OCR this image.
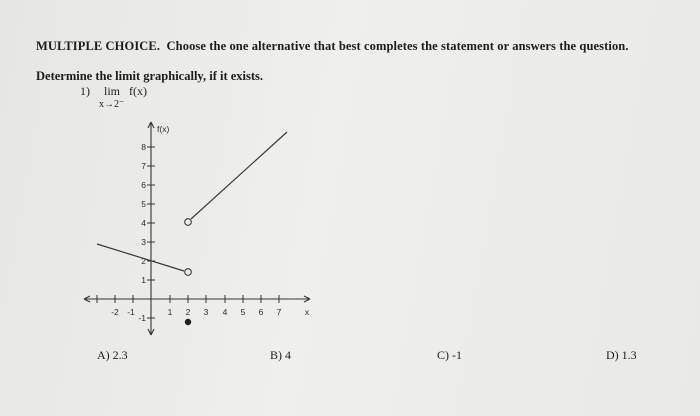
MULTIPLE CHOICE. Choose the one alternative that best completes the statement or answers the question.
Determine the limit graphically, if it exists.
1) lim f(x)
x→2⁻
-2 -1	1 2 3 4 5 6 7	x
8
7
6
5
4
3
2
1
-1
f(x)
A) 2.3	B) 4	C) -1	D) 1.3
